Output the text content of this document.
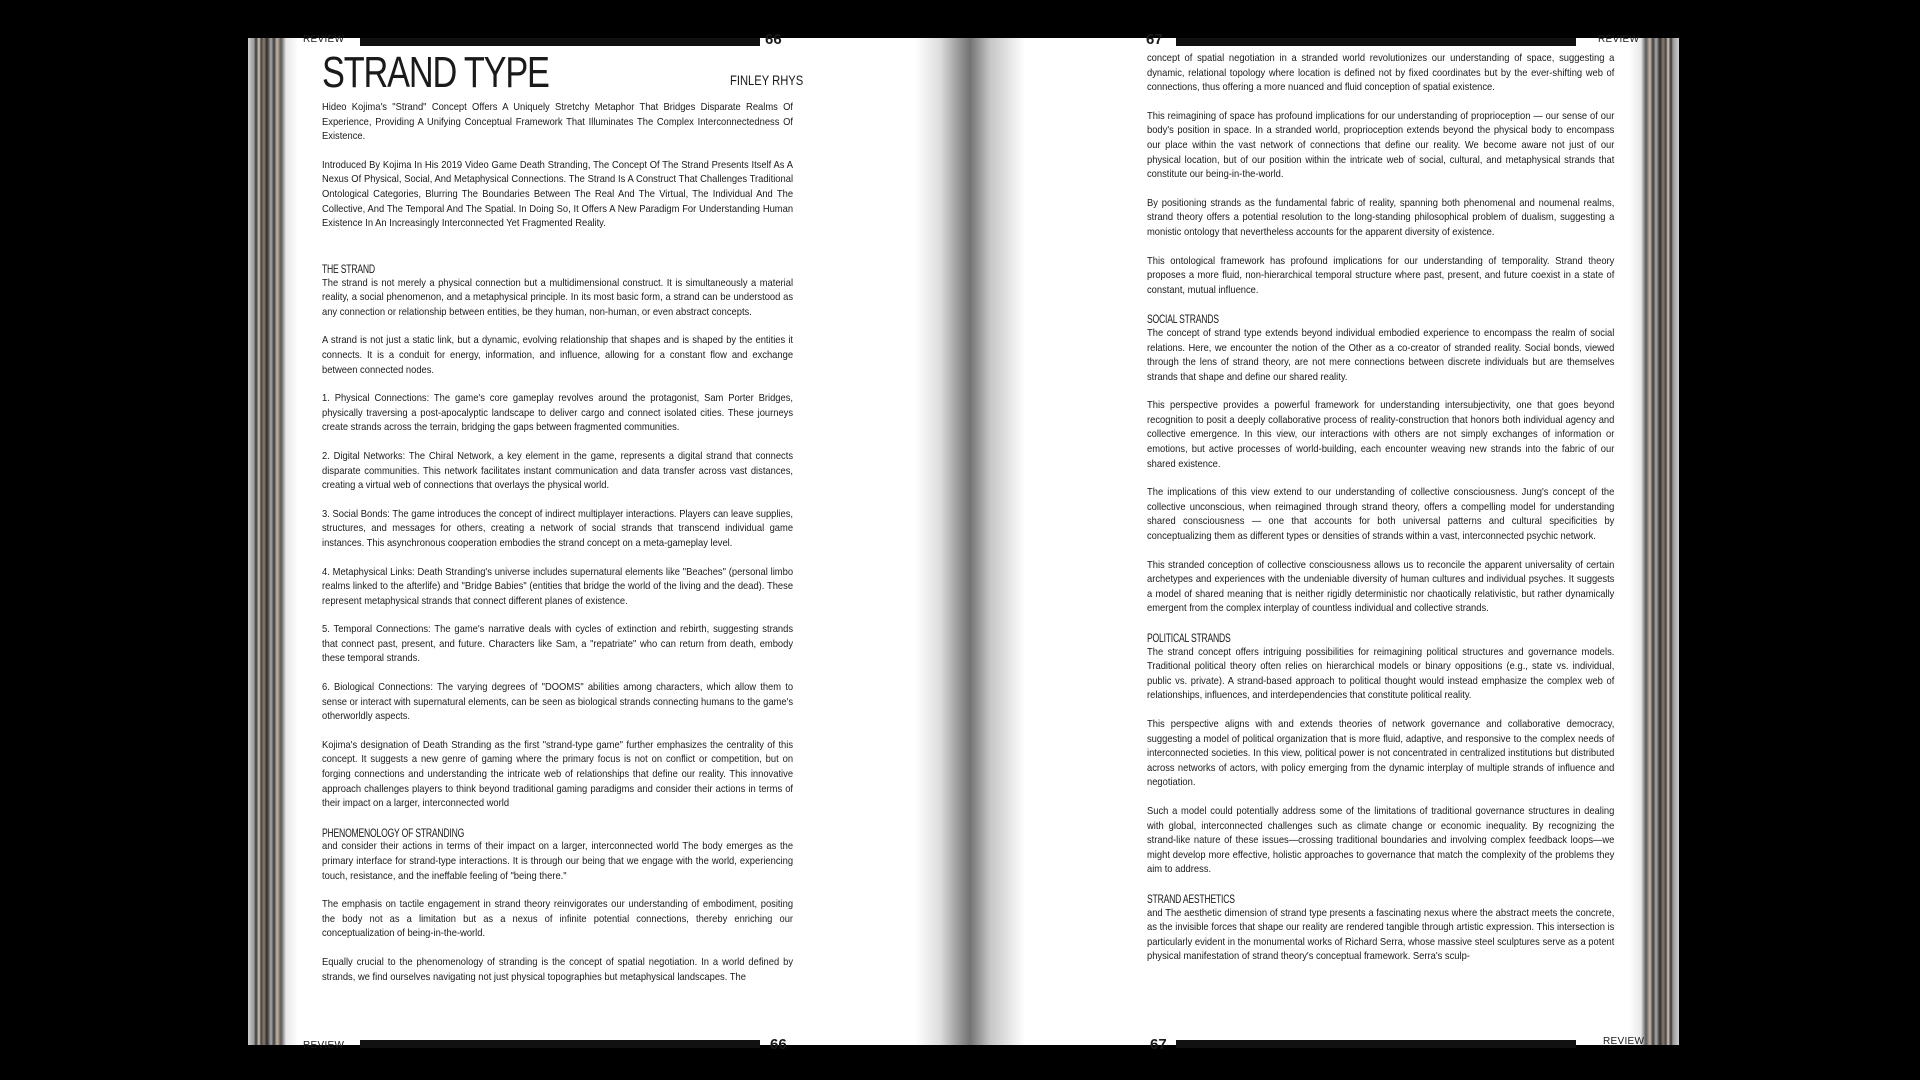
REVIEW	66
STRAND TYPE	FINLEY RHYS

Hideo Kojima's "Strand" Concept Offers A Uniquely Stretchy Metaphor That Bridges Disparate Realms Of Experience, Providing A Unifying Conceptual Framework That Illuminates The Complex Interconnectedness Of Existence.

Introduced By Kojima In His 2019 Video Game Death Stranding, The Concept Of The Strand Presents Itself As A Nexus Of Physical, Social, And Metaphysical Connections. The Strand Is A Construct That Challenges Traditional Ontological Categories, Blurring The Boundaries Between The Real And The Virtual, The Individual And The Collective, And The Temporal And The Spatial. In Doing So, It Offers A New Paradigm For Understanding Human Existence In An Increasingly Interconnected Yet Fragmented Reality.

THE STRAND

The strand is not merely a physical connection but a multidimensional construct. It is simultaneously a material reality, a social phenomenon, and a metaphysical principle. In its most basic form, a strand can be understood as any connection or relationship between entities, be they human, non-human, or even abstract concepts.

A strand is not just a static link, but a dynamic, evolving relationship that shapes and is shaped by the entities it connects. It is a conduit for energy, information, and influence, allowing for a constant flow and exchange between connected nodes.

1. Physical Connections: The game's core gameplay revolves around the protagonist, Sam Porter Bridges, physically traversing a post-apocalyptic landscape to deliver cargo and connect isolated cities. These journeys create strands across the terrain, bridging the gaps between fragmented communities.

2. Digital Networks: The Chiral Network, a key element in the game, represents a digital strand that connects disparate communities. This network facilitates instant communication and data transfer across vast distances, creating a virtual web of connections that overlays the physical world.

3. Social Bonds: The game introduces the concept of indirect multiplayer interactions. Players can leave supplies, structures, and messages for others, creating a network of social strands that transcend individual game instances. This asynchronous cooperation embodies the strand concept on a meta-gameplay level.

4. Metaphysical Links: Death Stranding's universe includes supernatural elements like "Beaches" (personal limbo realms linked to the afterlife) and "Bridge Babies" (entities that bridge the world of the living and the dead). These represent metaphysical strands that connect different planes of existence.

5. Temporal Connections: The game's narrative deals with cycles of extinction and rebirth, suggesting strands that connect past, present, and future. Characters like Sam, a "repatriate" who can return from death, embody these temporal strands.

6. Biological Connections: The varying degrees of "DOOMS" abilities among characters, which allow them to sense or interact with supernatural elements, can be seen as biological strands connecting humans to the game's otherworldly aspects.

Kojima's designation of Death Stranding as the first "strand-type game" further emphasizes the centrality of this concept. It suggests a new genre of gaming where the primary focus is not on conflict or competition, but on forging connections and understanding the intricate web of relationships that define our reality. This innovative approach challenges players to think beyond traditional gaming paradigms and consider their actions in terms of their impact on a larger, interconnected world

PHENOMENOLOGY OF STRANDING

and consider their actions in terms of their impact on a larger, interconnected world The body emerges as the primary interface for strand-type interactions. It is through our being that we engage with the world, experiencing touch, resistance, and the ineffable feeling of "being there."

The emphasis on tactile engagement in strand theory reinvigorates our understanding of embodiment, positing the body not as a limitation but as a nexus of infinite potential connections, thereby enriching our conceptualization of being-in-the-world.

Equally crucial to the phenomenology of stranding is the concept of spatial negotiation. In a world defined by strands, we find ourselves navigating not just physical topographies but metaphysical landscapes. The

REVIEW	66
67	REVIEW

concept of spatial negotiation in a stranded world revolutionizes our understanding of space, suggesting a dynamic, relational topology where location is defined not by fixed coordinates but by the ever-shifting web of connections, thus offering a more nuanced and fluid conception of spatial existence.

This reimagining of space has profound implications for our understanding of proprioception — our sense of our body's position in space. In a stranded world, proprioception extends beyond the physical body to encompass our place within the vast network of connections that define our reality. We become aware not just of our physical location, but of our position within the intricate web of social, cultural, and metaphysical strands that constitute our being-in-the-world.

By positioning strands as the fundamental fabric of reality, spanning both phenomenal and noumenal realms, strand theory offers a potential resolution to the long-standing philosophical problem of dualism, suggesting a monistic ontology that nevertheless accounts for the apparent diversity of existence.

This ontological framework has profound implications for our understanding of temporality. Strand theory proposes a more fluid, non-hierarchical temporal structure where past, present, and future coexist in a state of constant, mutual influence.

SOCIAL STRANDS

The concept of strand type extends beyond individual embodied experience to encompass the realm of social relations. Here, we encounter the notion of the Other as a co-creator of stranded reality. Social bonds, viewed through the lens of strand theory, are not mere connections between discrete individuals but are themselves strands that shape and define our shared reality.

This perspective provides a powerful framework for understanding intersubjectivity, one that goes beyond recognition to posit a deeply collaborative process of reality-construction that honors both individual agency and collective emergence. In this view, our interactions with others are not simply exchanges of information or emotions, but active processes of world-building, each encounter weaving new strands into the fabric of our shared existence.

The implications of this view extend to our understanding of collective consciousness. Jung's concept of the collective unconscious, when reimagined through strand theory, offers a compelling model for understanding shared consciousness — one that accounts for both universal patterns and cultural specificities by conceptualizing them as different types or densities of strands within a vast, interconnected psychic network.

This stranded conception of collective consciousness allows us to reconcile the apparent universality of certain archetypes and experiences with the undeniable diversity of human cultures and individual psyches. It suggests a model of shared meaning that is neither rigidly deterministic nor chaotically relativistic, but rather dynamically emergent from the complex interplay of countless individual and collective strands.

POLITICAL STRANDS

The strand concept offers intriguing possibilities for reimagining political structures and governance models. Traditional political theory often relies on hierarchical models or binary oppositions (e.g., state vs. individual, public vs. private). A strand-based approach to political thought would instead emphasize the complex web of relationships, influences, and interdependencies that constitute political reality.

This perspective aligns with and extends theories of network governance and collaborative democracy, suggesting a model of political organization that is more fluid, adaptive, and responsive to the complex needs of interconnected societies. In this view, political power is not concentrated in centralized institutions but distributed across networks of actors, with policy emerging from the dynamic interplay of multiple strands of influence and negotiation.

Such a model could potentially address some of the limitations of traditional governance structures in dealing with global, interconnected challenges such as climate change or economic inequality. By recognizing the strand-like nature of these issues—crossing traditional boundaries and involving complex feedback loops—we might develop more effective, holistic approaches to governance that match the complexity of the problems they aim to address.

STRAND AESTHETICS

and The aesthetic dimension of strand type presents a fascinating nexus where the abstract meets the concrete, as the invisible forces that shape our reality are rendered tangible through artistic expression. This intersection is particularly evident in the monumental works of Richard Serra, whose massive steel sculptures serve as a potent physical manifestation of strand theory's conceptual framework. Serra's sculp-

67	REVIEW
